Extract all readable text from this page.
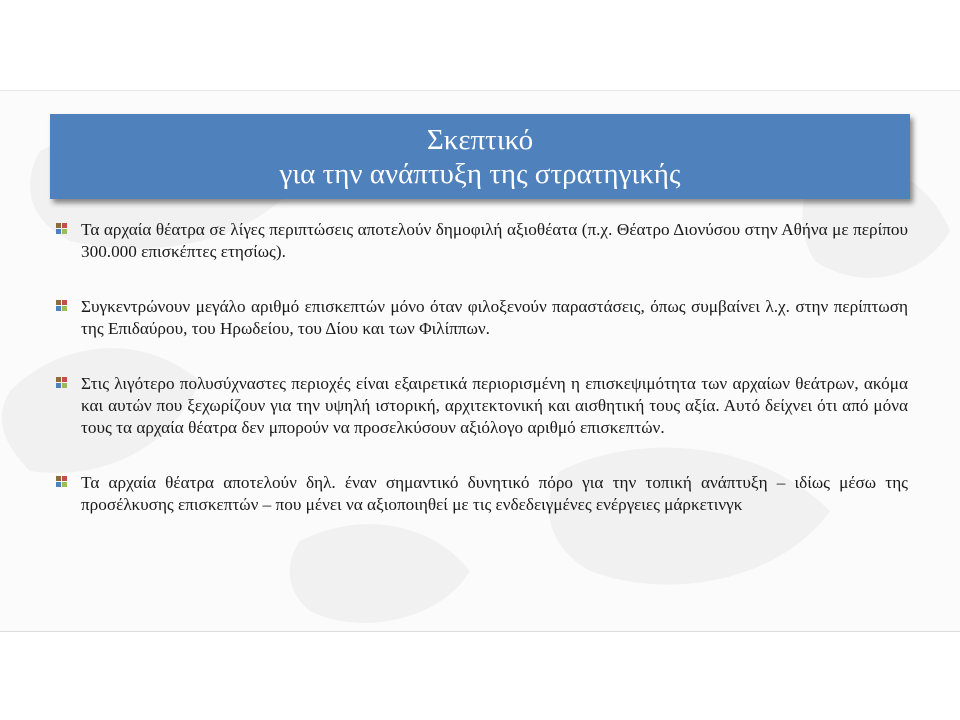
Σκεπτικό
για την ανάπτυξη της στρατηγικής
Τα αρχαία θέατρα σε λίγες περιπτώσεις αποτελούν δημοφιλή αξιοθέατα (π.χ. Θέατρο Διονύσου στην Αθήνα με περίπου 300.000 επισκέπτες ετησίως).
Συγκεντρώνουν μεγάλο αριθμό επισκεπτών μόνο όταν φιλοξενούν παραστάσεις, όπως συμβαίνει λ.χ. στην περίπτωση της Επιδαύρου, του Ηρωδείου, του Δίου και των Φιλίππων.
Στις λιγότερο πολυσύχναστες περιοχές είναι εξαιρετικά περιορισμένη η επισκεψιμότητα των αρχαίων θεάτρων, ακόμα και αυτών που ξεχωρίζουν για την υψηλή ιστορική, αρχιτεκτονική και αισθητική τους αξία. Αυτό δείχνει ότι από μόνα τους τα αρχαία θέατρα δεν μπορούν να προσελκύσουν αξιόλογο αριθμό επισκεπτών.
Τα αρχαία θέατρα αποτελούν δηλ. έναν σημαντικό δυνητικό πόρο για την τοπική ανάπτυξη – ιδίως μέσω της προσέλκυσης επισκεπτών – που μένει να αξιοποιηθεί με τις ενδεδειγμένες ενέργειες μάρκετινγκ
